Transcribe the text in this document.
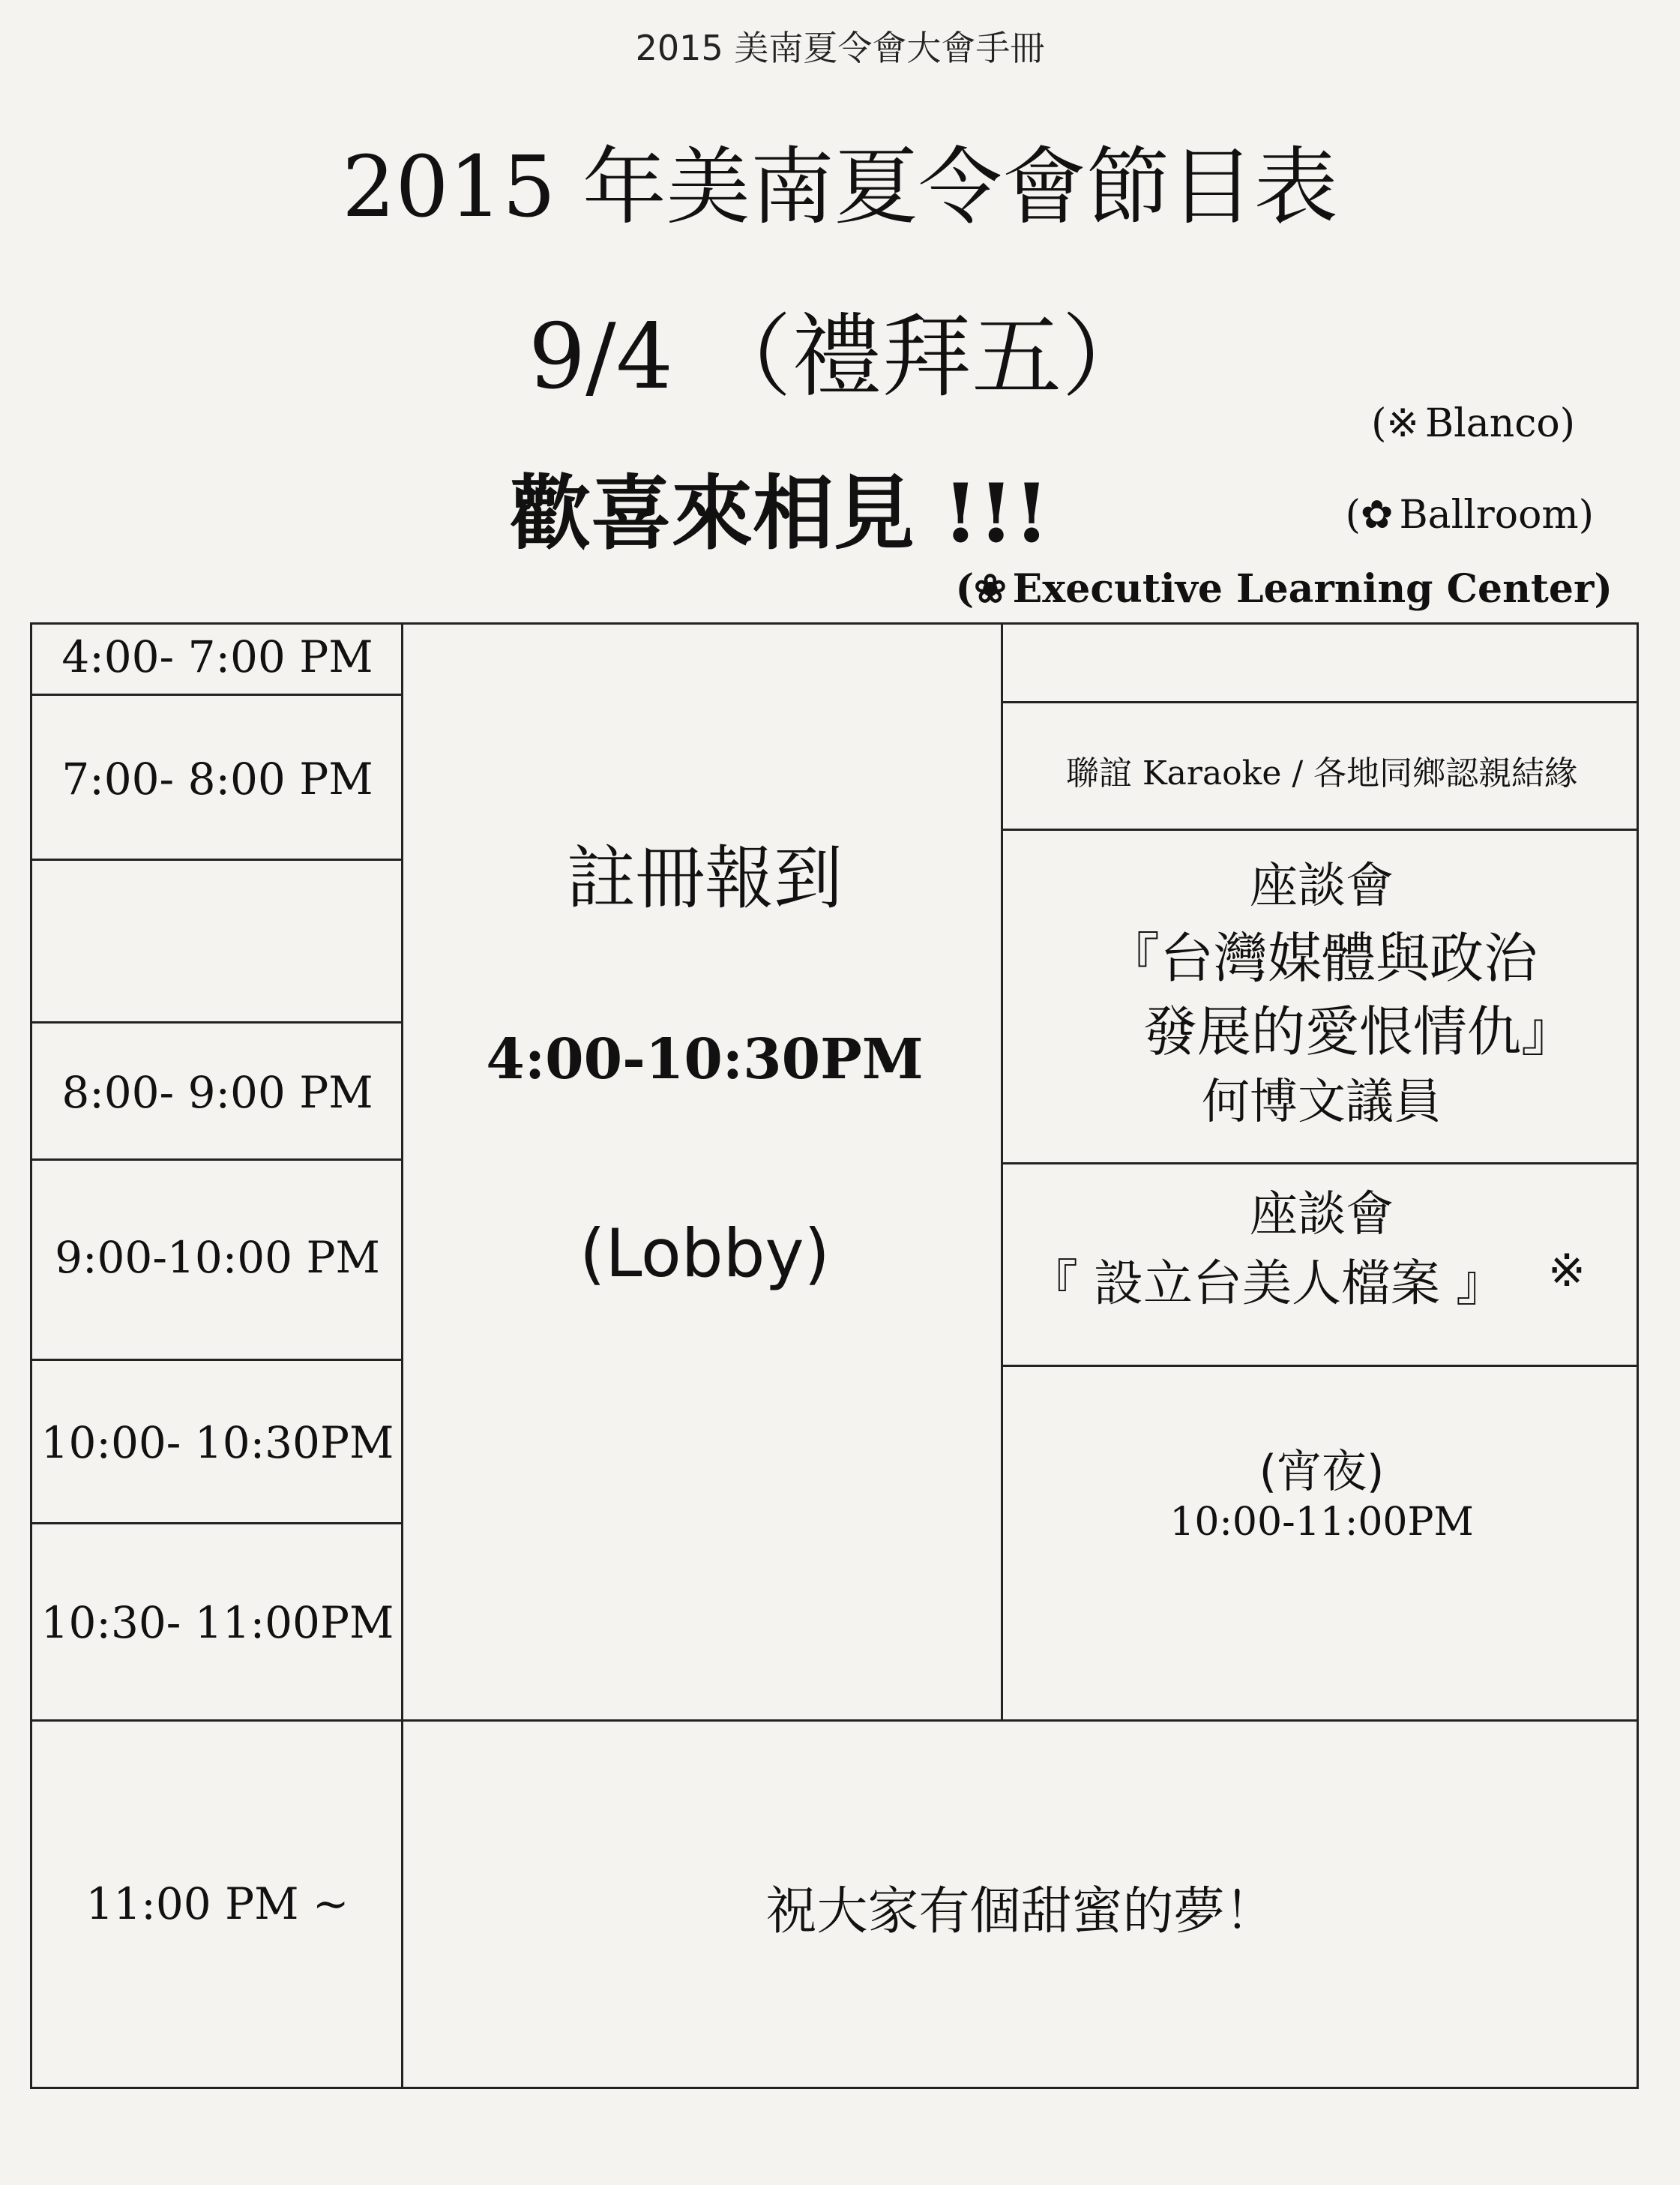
2015 美南夏令會大會手冊
2015 年美南夏令會節目表
9/4 （禮拜五）
歡喜來相見 !!!
(※ Blanco)
(✿ Ballroom)
(❀ Executive Learning Center)
4:00- 7:00 PM
7:00- 8:00 PM
8:00- 9:00 PM
9:00-10:00 PM
10:00- 10:30PM
10:30- 11:00PM
11:00 PM ~
註冊報到
4:00-10:30PM
(Lobby)
聯誼 Karaoke / 各地同鄉認親結緣
座談會
『台灣媒體與政治
發展的愛恨情仇』
何博文議員
座談會
『 設立台美人檔案 』 ※
(宵夜)
10:00-11:00PM
祝大家有個甜蜜的夢！
